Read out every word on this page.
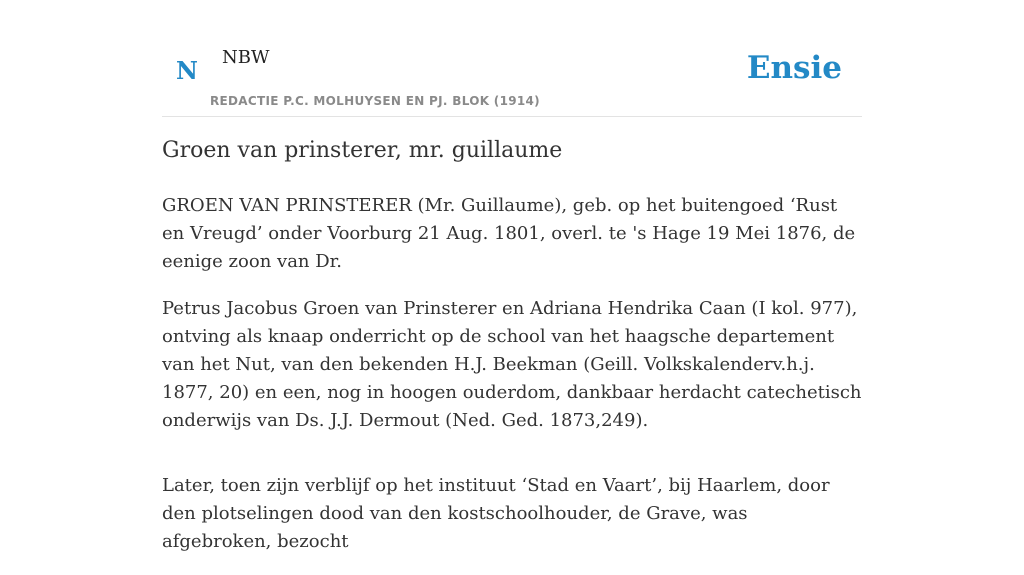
N NBW
REDACTIE P.C. MOLHUYSEN EN PJ. BLOK (1914)
Ensie
Groen van prinsterer, mr. guillaume

GROEN VAN PRINSTERER (Mr. Guillaume), geb. op het buitengoed ‘Rust en Vreugd’ onder Voorburg 21 Aug. 1801, overl. te 's Hage 19 Mei 1876, de eenige zoon van Dr.

Petrus Jacobus Groen van Prinsterer en Adriana Hendrika Caan (I kol. 977), ontving als knaap onderricht op de school van het haagsche departement van het Nut, van den bekenden H.J. Beekman (Geill. Volkskalenderv.h.j. 1877, 20) en een, nog in hoogen ouderdom, dankbaar herdacht catechetisch onderwijs van Ds. J.J. Dermout (Ned. Ged. 1873,249).

Later, toen zijn verblijf op het instituut ‘Stad en Vaart’, bij Haarlem, door den plotselingen dood van den kostschoolhouder, de Grave, was afgebroken, bezocht
